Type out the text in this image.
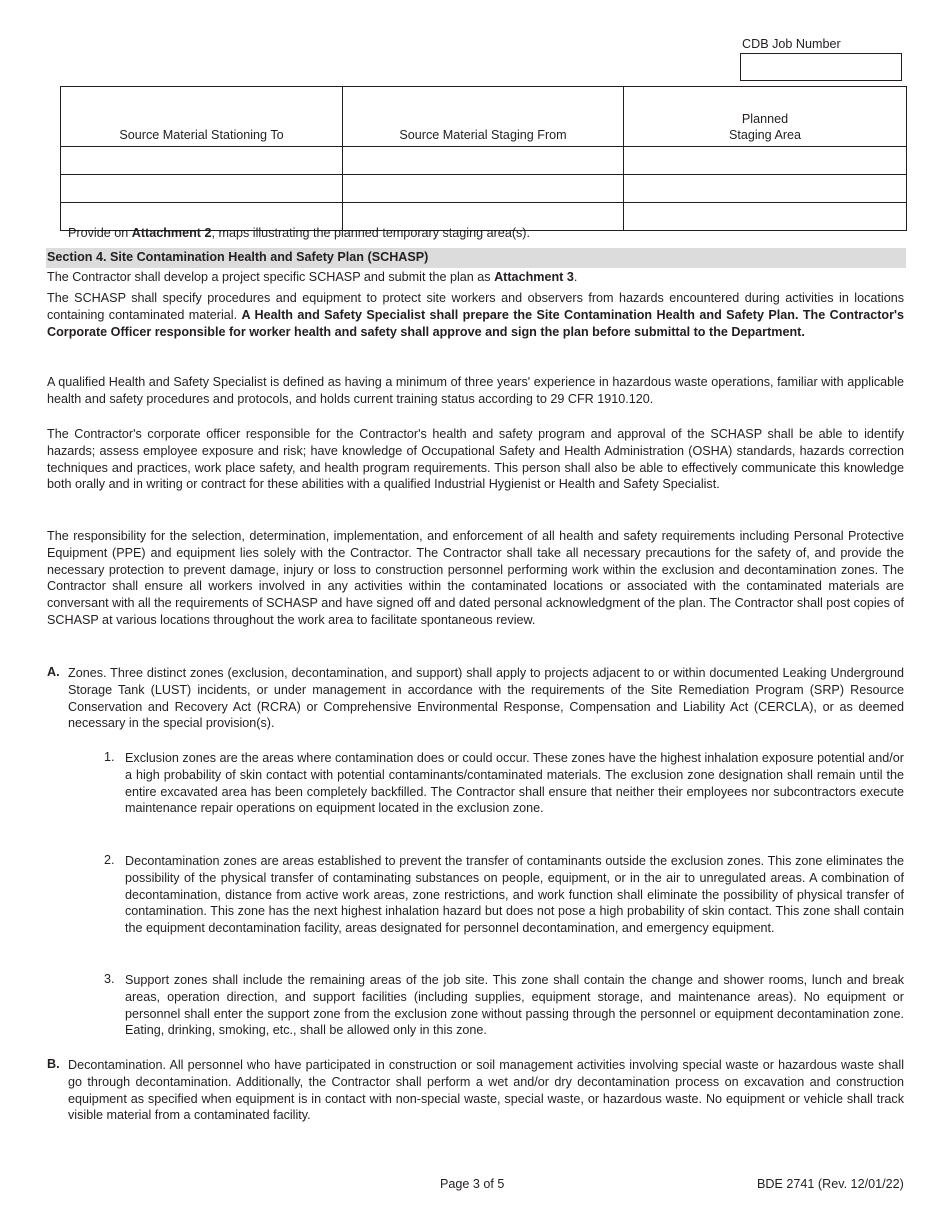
CDB Job Number
Source Material Stationing To	Source Material Staging From	Planned
Staging Area

Provide on Attachment 2, maps illustrating the planned temporary staging area(s).
Section 4. Site Contamination Health and Safety Plan (SCHASP)
The Contractor shall develop a project specific SCHASP and submit the plan as Attachment 3.
The SCHASP shall specify procedures and equipment to protect site workers and observers from hazards encountered during activities in locations containing contaminated material. A Health and Safety Specialist shall prepare the Site Contamination Health and Safety Plan. The Contractor's Corporate Officer responsible for worker health and safety shall approve and sign the plan before submittal to the Department.
A qualified Health and Safety Specialist is defined as having a minimum of three years' experience in hazardous waste operations, familiar with applicable health and safety procedures and protocols, and holds current training status according to 29 CFR 1910.120.
The Contractor's corporate officer responsible for the Contractor's health and safety program and approval of the SCHASP shall be able to identify hazards; assess employee exposure and risk; have knowledge of Occupational Safety and Health Administration (OSHA) standards, hazards correction techniques and practices, work place safety, and health program requirements. This person shall also be able to effectively communicate this knowledge both orally and in writing or contract for these abilities with a qualified Industrial Hygienist or Health and Safety Specialist.
The responsibility for the selection, determination, implementation, and enforcement of all health and safety requirements including Personal Protective Equipment (PPE) and equipment lies solely with the Contractor. The Contractor shall take all necessary precautions for the safety of, and provide the necessary protection to prevent damage, injury or loss to construction personnel performing work within the exclusion and decontamination zones. The Contractor shall ensure all workers involved in any activities within the contaminated locations or associated with the contaminated materials are conversant with all the requirements of SCHASP and have signed off and dated personal acknowledgment of the plan. The Contractor shall post copies of SCHASP at various locations throughout the work area to facilitate spontaneous review.
A. Zones. Three distinct zones (exclusion, decontamination, and support) shall apply to projects adjacent to or within documented Leaking Underground Storage Tank (LUST) incidents, or under management in accordance with the requirements of the Site Remediation Program (SRP) Resource Conservation and Recovery Act (RCRA) or Comprehensive Environmental Response, Compensation and Liability Act (CERCLA), or as deemed necessary in the special provision(s).
1. Exclusion zones are the areas where contamination does or could occur. These zones have the highest inhalation exposure potential and/or a high probability of skin contact with potential contaminants/contaminated materials. The exclusion zone designation shall remain until the entire excavated area has been completely backfilled. The Contractor shall ensure that neither their employees nor subcontractors execute maintenance repair operations on equipment located in the exclusion zone.
2. Decontamination zones are areas established to prevent the transfer of contaminants outside the exclusion zones. This zone eliminates the possibility of the physical transfer of contaminating substances on people, equipment, or in the air to unregulated areas. A combination of decontamination, distance from active work areas, zone restrictions, and work function shall eliminate the possibility of physical transfer of contamination. This zone has the next highest inhalation hazard but does not pose a high probability of skin contact. This zone shall contain the equipment decontamination facility, areas designated for personnel decontamination, and emergency equipment.
3. Support zones shall include the remaining areas of the job site. This zone shall contain the change and shower rooms, lunch and break areas, operation direction, and support facilities (including supplies, equipment storage, and maintenance areas). No equipment or personnel shall enter the support zone from the exclusion zone without passing through the personnel or equipment decontamination zone. Eating, drinking, smoking, etc., shall be allowed only in this zone.
B. Decontamination. All personnel who have participated in construction or soil management activities involving special waste or hazardous waste shall go through decontamination. Additionally, the Contractor shall perform a wet and/or dry decontamination process on excavation and construction equipment as specified when equipment is in contact with non-special waste, special waste, or hazardous waste. No equipment or vehicle shall track visible material from a contaminated facility.
Page 3 of 5	BDE 2741 (Rev. 12/01/22)
